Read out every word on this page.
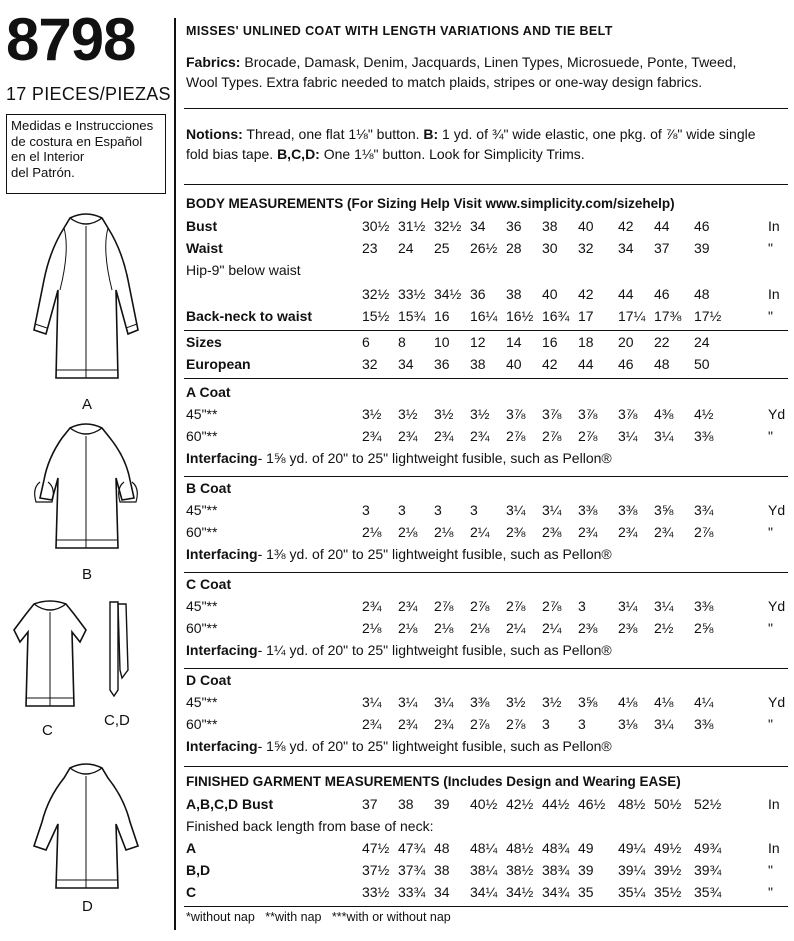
8798
17 PIECES/PIEZAS
Medidas e Instrucciones
de costura en Español
en el Interior
del Patrón.
A
B
C
C,D
D
MISSES' UNLINED COAT WITH LENGTH VARIATIONS AND TIE BELT
Fabrics: Brocade, Damask, Denim, Jacquards, Linen Types, Microsuede, Ponte, Tweed,
Wool Types. Extra fabric needed to match plaids, stripes or one-way design fabrics.
Notions: Thread, one flat 1⅛" button. B: 1 yd. of ¾" wide elastic, one pkg. of ⅞" wide single
fold bias tape. B,C,D: One 1⅛" button. Look for Simplicity Trims.
BODY MEASUREMENTS (For Sizing Help Visit www.simplicity.com/sizehelp)
Bust	30½ 31½ 32½ 34	36	38	40	42	44	46	In
Waist	23	24	25	26½ 28	30	32	34	37	39	"
Hip-9" below waist
32½ 33½ 34½ 36	38	40	42	44	46	48	In
Back-neck to waist	15½ 15¾ 16	16¼ 16½ 16¾ 17	17¼ 17⅜ 17½	"
Sizes	6	8	10	12	14	16	18	20	22	24
European	32	34	36	38	40	42	44	46	48	50
A Coat
45"**	3½	3½	3½	3½	3⅞	3⅞	3⅞	3⅞	4⅜	4½	Yd
60"**	2¾	2¾	2¾	2¾	2⅞	2⅞	2⅞	3¼	3¼	3⅜	"
Interfacing- 1⅝ yd. of 20" to 25" lightweight fusible, such as Pellon®
B Coat
45"**	3	3	3	3	3¼	3¼	3⅜	3⅜	3⅝	3¾	Yd
60"**	2⅛	2⅛	2⅛	2¼	2⅜	2⅜	2¾	2¾	2¾	2⅞	"
Interfacing- 1⅜ yd. of 20" to 25" lightweight fusible, such as Pellon®
C Coat
45"**	2¾	2¾	2⅞	2⅞	2⅞	2⅞	3	3¼	3¼	3⅜	Yd
60"**	2⅛	2⅛	2⅛	2⅛	2¼	2¼	2⅜	2⅜	2½	2⅝	"
Interfacing- 1¼ yd. of 20" to 25" lightweight fusible, such as Pellon®
D Coat
45"**	3¼	3¼	3¼	3⅜	3½	3½	3⅝	4⅛	4⅛	4¼	Yd
60"**	2¾	2¾	2¾	2⅞	2⅞	3	3	3⅛	3¼	3⅜	"
Interfacing- 1⅝ yd. of 20" to 25" lightweight fusible, such as Pellon®
FINISHED GARMENT MEASUREMENTS (Includes Design and Wearing EASE)
A,B,C,D Bust	37	38	39	40½ 42½ 44½ 46½ 48½ 50½ 52½	In
Finished back length from base of neck:
A	47½ 47¾ 48	48¼ 48½ 48¾ 49	49¼ 49½ 49¾	In
B,D	37½ 37¾ 38	38¼ 38½ 38¾ 39	39¼ 39½ 39¾	"
C	33½ 33¾ 34	34¼ 34½ 34¾ 35	35¼ 35½ 35¾	"
*without nap   **with nap   ***with or without nap
